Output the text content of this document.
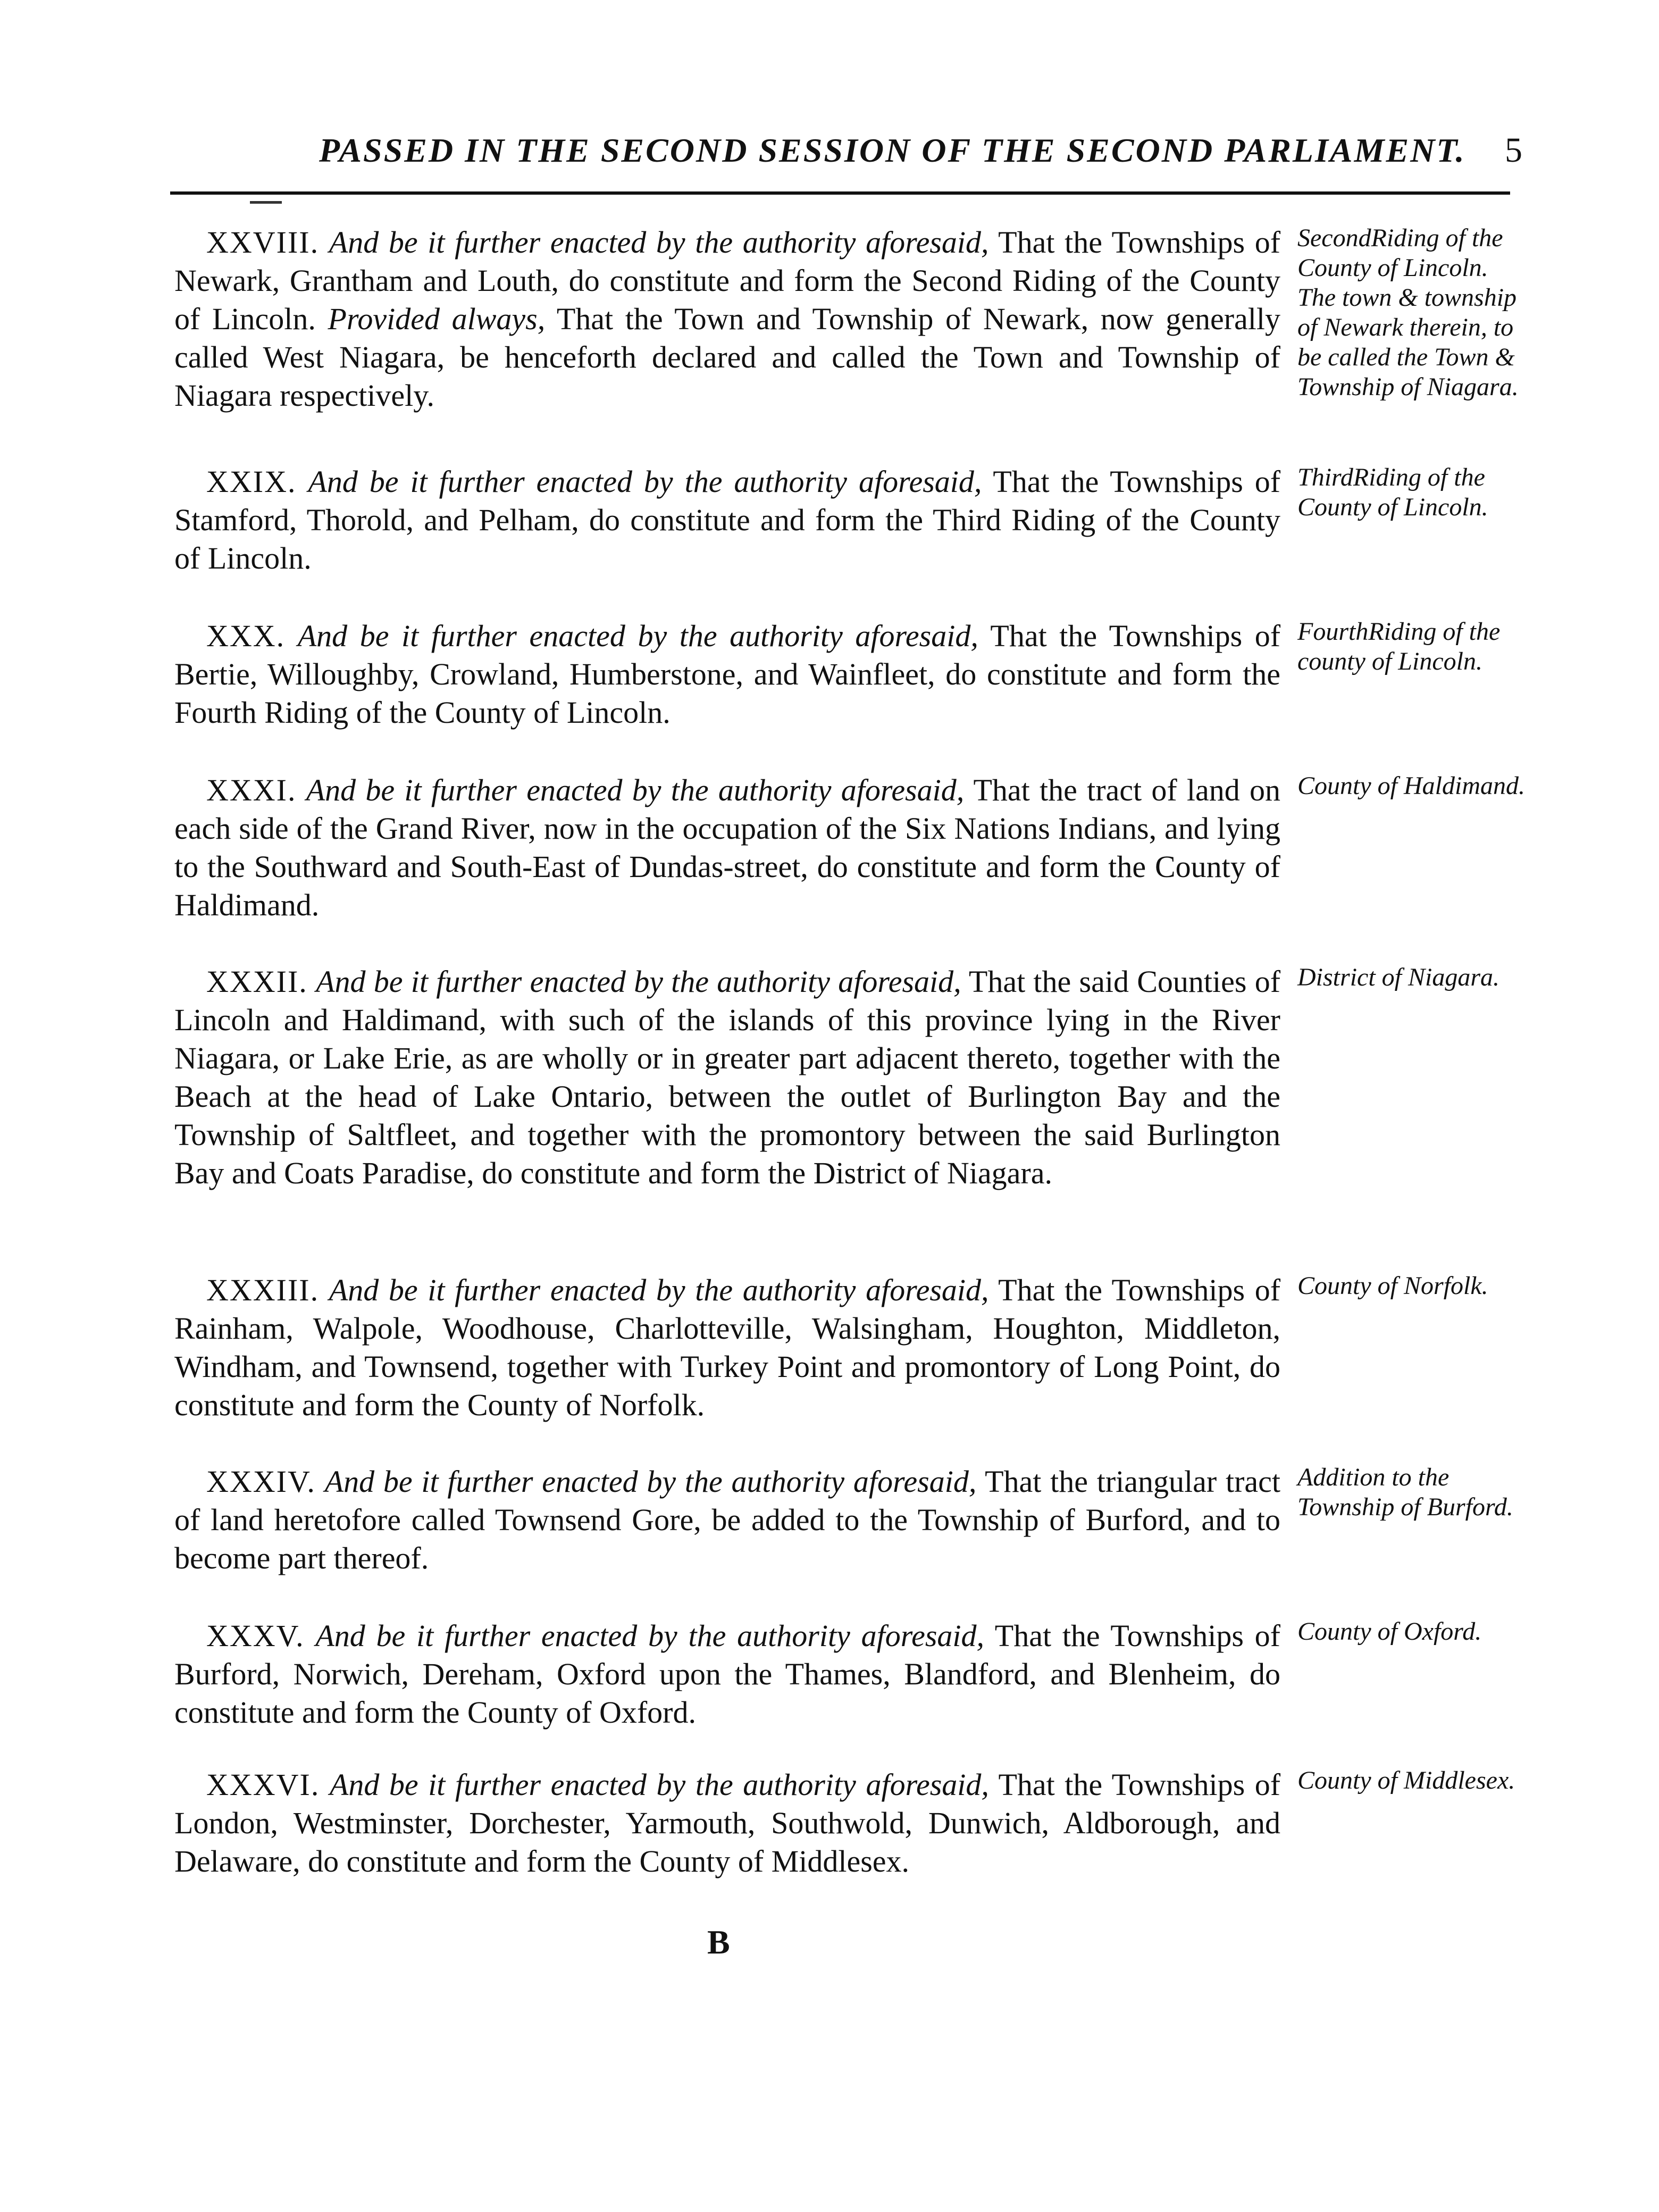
PASSED IN THE SECOND SESSION OF THE SECOND PARLIAMENT. 5
XXVIII. And be it further enacted by the authority aforesaid, That the Townships of Newark, Grantham and Louth, do constitute and form the Second Riding of the County of Lincoln. Provided always, That the Town and Township of Newark, now generally called West Niagara, be henceforth declared and called the Town and Township of Niagara respectively.
SecondRiding of the County of Lincoln. The town & township of Newark therein, to be called the Town & Township of Niagara.
XXIX. And be it further enacted by the authority aforesaid, That the Townships of Stamford, Thorold, and Pelham, do constitute and form the Third Riding of the County of Lincoln.
ThirdRiding of the County of Lincoln.
XXX. And be it further enacted by the authority aforesaid, That the Townships of Bertie, Willoughby, Crowland, Humberstone, and Wainfleet, do constitute and form the Fourth Riding of the County of Lincoln.
FourthRiding of the county of Lincoln.
XXXI. And be it further enacted by the authority aforesaid, That the tract of land on each side of the Grand River, now in the occupation of the Six Nations Indians, and lying to the Southward and South-East of Dundas-street, do constitute and form the County of Haldimand.
County of Haldimand.
XXXII. And be it further enacted by the authority aforesaid, That the said Counties of Lincoln and Haldimand, with such of the islands of this province lying in the River Niagara, or Lake Erie, as are wholly or in greater part adjacent thereto, together with the Beach at the head of Lake Ontario, between the outlet of Burlington Bay and the Township of Saltfleet, and together with the promontory between the said Burlington Bay and Coats Paradise, do constitute and form the District of Niagara.
District of Niagara.
XXXIII. And be it further enacted by the authority aforesaid, That the Townships of Rainham, Walpole, Woodhouse, Charlotteville, Walsingham, Houghton, Middleton, Windham, and Townsend, together with Turkey Point and promontory of Long Point, do constitute and form the County of Norfolk.
County of Norfolk.
XXXIV. And be it further enacted by the authority aforesaid, That the triangular tract of land heretofore called Townsend Gore, be added to the Township of Burford, and to become part thereof.
Addition to the Township of Burford.
XXXV. And be it further enacted by the authority aforesaid, That the Townships of Burford, Norwich, Dereham, Oxford upon the Thames, Blandford, and Blenheim, do constitute and form the County of Oxford.
County of Oxford.
XXXVI. And be it further enacted by the authority aforesaid, That the Townships of London, Westminster, Dorchester, Yarmouth, Southwold, Dunwich, Aldborough, and Delaware, do constitute and form the County of Middlesex.
County of Middlesex.
B
